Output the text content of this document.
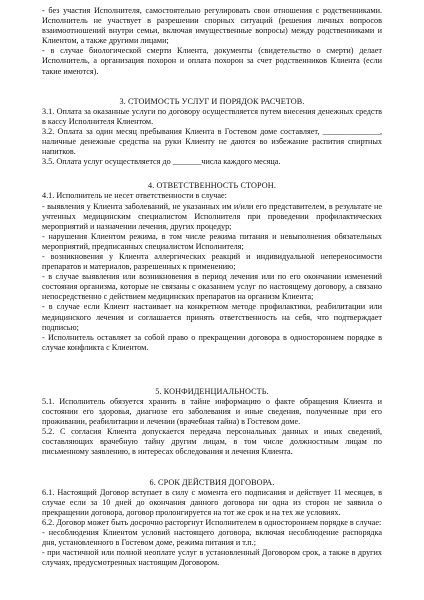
- без участия Исполнителя, самостоятельно регулировать свои отношения с родственниками. Исполнитель не участвует в разрешении спорных ситуаций (решения личных вопросов взаимоотношений внутри семьи, включая имущественные вопросы) между родственниками и Клиентом, а также другими лицами;

- в случае биологической смерти Клиента, документы (свидетельство о смерти) делает Исполнитель, а организация похорон и оплата похорон за счет родственников Клиента (если такие имеются).

3. СТОИМОСТЬ УСЛУГ И ПОРЯДОК РАСЧЕТОВ.

3.1. Оплата за оказанные услуги по договору осуществляется путем внесения денежных средств в кассу Исполнителя Клиентом.

3.2. Оплата за один месяц пребывания Клиента в Гостевом доме составляет, ______________, наличные денежные средства на руки Клиенту не даются во избежание распития спиртных напитков.

3.5. Оплата услуг осуществляется до _______числа каждого месяца.

4. ОТВЕТСТВЕННОСТЬ СТОРОН.

4.1. Исполнитель не несет ответственности в случае:

- выявления у Клиента заболеваний, не указанных им и/или его представителем, в результате не учтенных медицинским специалистом Исполнителя при проведении профилактических мероприятий и назначении лечения, других процедур;

- нарушения Клиентом режима, в том числе режима питания и невыполнения обязательных мероприятий, предписанных специалистом Исполнителя;

- возникновения у Клиента аллергических реакций и индивидуальной непереносимости препаратов и материалов, разрешенных к применению;

- в случае выявления или возникновения в период лечения или по его окончании изменений состояния организма, которые не связаны с оказанием услуг по настоящему договору, а связано непосредственно с действием медицинских препаратов на организм Клиента;

- в случае если Клиент настаивает на конкретном методе профилактики, реабилитации или медицинского лечения и соглашается принять ответственность на себя, что подтверждает подписью;

- Исполнитель оставляет за собой право о прекращении договора в одностороннем порядке в случае конфликта с Клиентом.

5. КОНФИДЕНЦИАЛЬНОСТЬ.

5.1. Исполнитель обязуется хранить в тайне информацию о факте обращения Клиента и состоянии его здоровья, диагнозе его заболевания и иные сведения, полученные при его проживании, реабилитации и лечении (врачебная тайна) в Гостевом доме.

5.2. С согласия Клиента допускается передача персональных данных и иных сведений, составляющих врачебную тайну другим лицам, в том числе должностным лицам по письменному заявлению, в интересах обследования и лечения Клиента.

6. СРОК ДЕЙСТВИЯ ДОГОВОРА.

6.1. Настоящий Договор вступает в силу с момента его подписания и действует 11 месяцев, в случае если за 10 дней до окончания данного договора ни одна из сторон не заявила о прекращении договора, договор пролонгируется на тот же срок и на тех же условиях.

6.2. Договор может быть досрочно расторгнут Исполнителем в одностороннем порядке в случае:

- несоблюдения Клиентом условий настоящего договора, включая несоблюдение распорядка дня, установленного в Гостевом доме, режима питания и т.п.;

- при частичной или полной неоплате услуг в установленный Договором срок, а также в других случаях, предусмотренных настоящим Договором.
